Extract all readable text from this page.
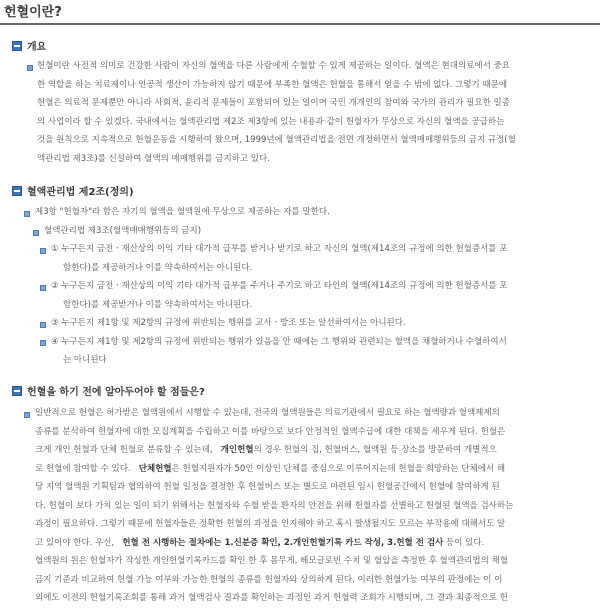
헌혈이란?
개요
헌혈이란 사전적 의미로 건강한 사람이 자신의 혈액을 다른 사람에게 수혈할 수 있게 제공하는 일이다. 혈액은 현대의료에서 중요
한 역할을 하는 치료제이나 인공적 생산이 가능하지 않기 때문에 부족한 혈액은 헌혈을 통해서 얻을 수 밖에 없다. 그렇기 때문에
헌혈은 의료적 문제뿐만 아니라 사회적, 윤리적 문제들이 포함되어 있는 일이며 국민 개개인의 참여와 국가의 관리가 필요한 일종
의 사업이라 할 수 있겠다. 국내에서는 혈액관리법 제2조 제3항에 있는 내용과 같이 헌혈자가 무상으로 자신의 혈액을 공급하는
것을 원칙으로 지속적으로 헌혈운동을 시행하여 왔으며, 1999년에 혈액관리법을 전면 개정하면서 혈액매매행위등의 금지 규정(혈
액관리법 제3조)를 신설하여 혈액의 매매행위를 금지하고 있다.
혈액관리법 제2조(정의)
제3항 "헌혈자"라 함은 자기의 혈액을 혈액원에 무상으로 제공하는 자를 말한다.
혈액관리법 제3조(혈액매매행위등의 금지)
① 누구든지 금전ㆍ재산상의 이익 기타 대가적 급부를 받거나 받기로 하고 자신의 혈액(제14조의 규정에 의한 헌혈증서를 포
함한다)를 제공하거나 이를 약속하여서는 아니된다.
② 누구든지 금전ㆍ재산상의 이익 기타 대가적 급부를 주거나 주기로 하고 타인의 혈액(제14조의 규정에 의한 헌혈증서를 포
함한다)를 제공받거나 이를 약속하여서는 아니된다.
③ 누구든지 제1항 및 제2항의 규정에 위반되는 행위를 교사ㆍ방조 또는 알선하여서는 아니된다.
④ 누구든지 제1항 및 제2항의 규정에 위반되는 행위가 있음을 안 때에는 그 행위와 관련되는 혈액을 채혈하거나 수혈하여서
는 아니된다
헌혈을 하기 전에 알아두어야 할 점들은?
일반적으로 헌혈은 허가받은 혈액원에서 시행할 수 있는데, 전국의 혈액원들은 의료기관에서 필요로 하는 혈액량과 혈액제제의
종류를 분석하여 헌혈자에 대한 모집계획을 수립하고 이를 바탕으로 보다 안정적인 혈액수급에 대한 대책을 세우게 된다. 헌혈은
크게 개인 헌혈과 단체 헌혈로 분류할 수 있는데, 개인헌혈의 경우 헌혈의 집, 헌혈버스, 혈액원 등 장소를 방문하여 개별적으
로 헌혈에 참여할 수 있다. 단체헌혈은 헌혈지원자가 50인 이상인 단체를 중심으로 이루어지는데 헌혈을 희망하는 단체에서 해
당 지역 혈액원 기획팀과 협의하여 헌혈 일정을 결정한 후 헌혈버스 또는 별도로 마련된 임시 헌혈공간에서 헌혈에 참여하게 된
다. 헌혈이 보다 가치 있는 일이 되기 위해서는 헌혈자와 수혈 받을 환자의 안전을 위해 헌혈자를 선별하고 헌혈된 혈액을 검사하는
과정이 필요하다. 그렇기 때문에 헌혈자들은 정확한 헌혈의 과정을 인지해야 하고 혹시 발생될지도 모르는 부작용에 대해서도 알
고 있어야 한다. 우선, 헌혈 전 시행하는 절차에는 1.신분증 확인, 2.개인헌혈기록 카드 작성, 3.헌혈 전 검사 등이 있다.
혈액원의 원은 헌혈자가 작성한 개인헌혈기록카드를 확인 한 후 몸무게, 헤모글로빈 수치 및 혈압을 측정한 후 혈액관리법의 채혈
금지 기준과 비교하여 헌혈 가능 여부와 가능한 헌혈의 종류를 헌혈자와 상의하게 된다. 이러한 헌혈가능 여부의 판정에는 이 이
외에도 이전의 헌혈기록조회를 통해 과거 혈액검사 결과를 확인하는 과정인 과거 헌혈력 조회가 시행되며, 그 결과 최종적으로 헌
